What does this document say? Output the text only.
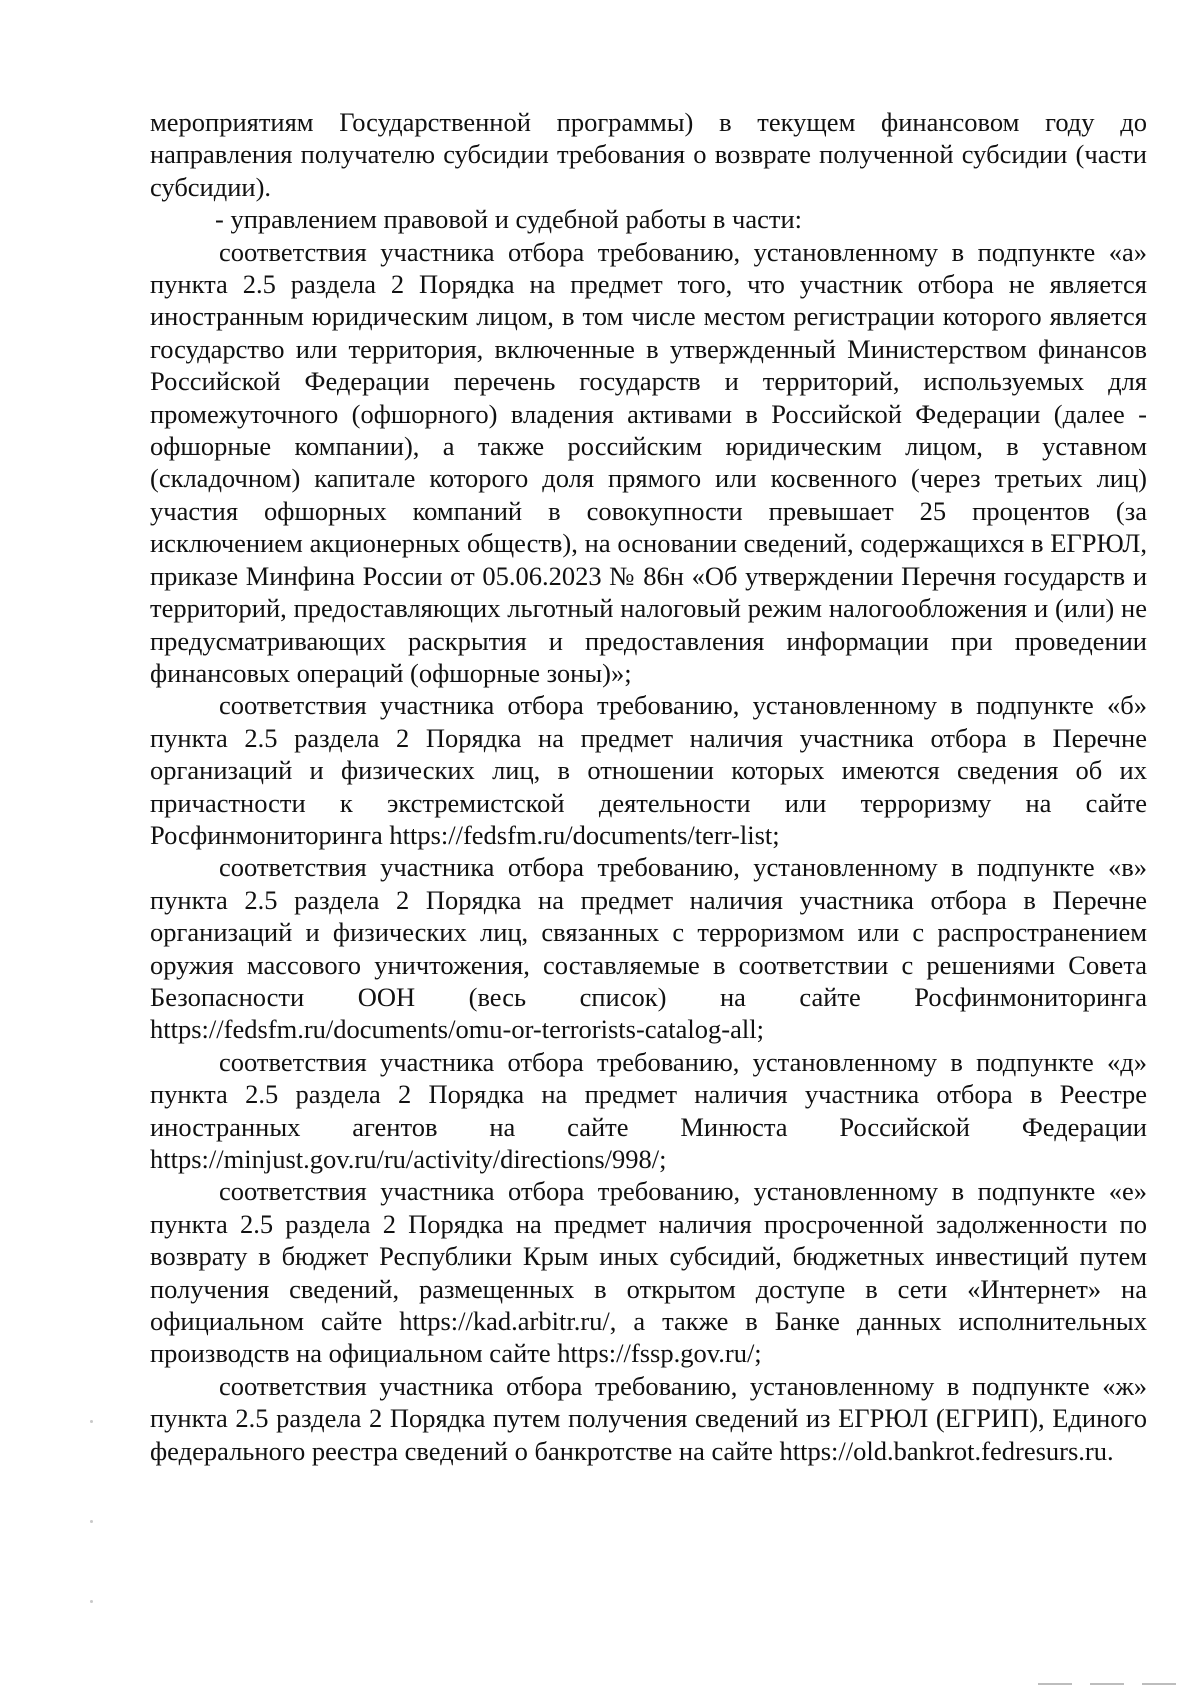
мероприятиям Государственной программы) в текущем финансовом году до направления получателю субсидии требования о возврате полученной субсидии (части субсидии).

- управлением правовой и судебной работы в части:

соответствия участника отбора требованию, установленному в подпункте «а» пункта 2.5 раздела 2 Порядка на предмет того, что участник отбора не является иностранным юридическим лицом, в том числе местом регистрации которого является государство или территория, включенные в утвержденный Министерством финансов Российской Федерации перечень государств и территорий, используемых для промежуточного (офшорного) владения активами в Российской Федерации (далее - офшорные компании), а также российским юридическим лицом, в уставном (складочном) капитале которого доля прямого или косвенного (через третьих лиц) участия офшорных компаний в совокупности превышает 25 процентов (за исключением акционерных обществ), на основании сведений, содержащихся в ЕГРЮЛ, приказе Минфина России от 05.06.2023 № 86н «Об утверждении Перечня государств и территорий, предоставляющих льготный налоговый режим налогообложения и (или) не предусматривающих раскрытия и предоставления информации при проведении финансовых операций (офшорные зоны)»;

соответствия участника отбора требованию, установленному в подпункте «б» пункта 2.5 раздела 2 Порядка на предмет наличия участника отбора в Перечне организаций и физических лиц, в отношении которых имеются сведения об их причастности к экстремистской деятельности или терроризму на сайте Росфинмониторинга https://fedsfm.ru/documents/terr-list;

соответствия участника отбора требованию, установленному в подпункте «в» пункта 2.5 раздела 2 Порядка на предмет наличия участника отбора в Перечне организаций и физических лиц, связанных с терроризмом или с распространением оружия массового уничтожения, составляемые в соответствии с решениями Совета Безопасности ООН (весь список) на сайте Росфинмониторинга https://fedsfm.ru/documents/omu-or-terrorists-catalog-all;

соответствия участника отбора требованию, установленному в подпункте «д» пункта 2.5 раздела 2 Порядка на предмет наличия участника отбора в Реестре иностранных агентов на сайте Минюста Российской Федерации https://minjust.gov.ru/ru/activity/directions/998/;

соответствия участника отбора требованию, установленному в подпункте «е» пункта 2.5 раздела 2 Порядка на предмет наличия просроченной задолженности по возврату в бюджет Республики Крым иных субсидий, бюджетных инвестиций путем получения сведений, размещенных в открытом доступе в сети «Интернет» на официальном сайте https://kad.arbitr.ru/, а также в Банке данных исполнительных производств на официальном сайте https://fssp.gov.ru/;

соответствия участника отбора требованию, установленному в подпункте «ж» пункта 2.5 раздела 2 Порядка путем получения сведений из ЕГРЮЛ (ЕГРИП), Единого федерального реестра сведений о банкротстве на сайте https://old.bankrot.fedresurs.ru.
